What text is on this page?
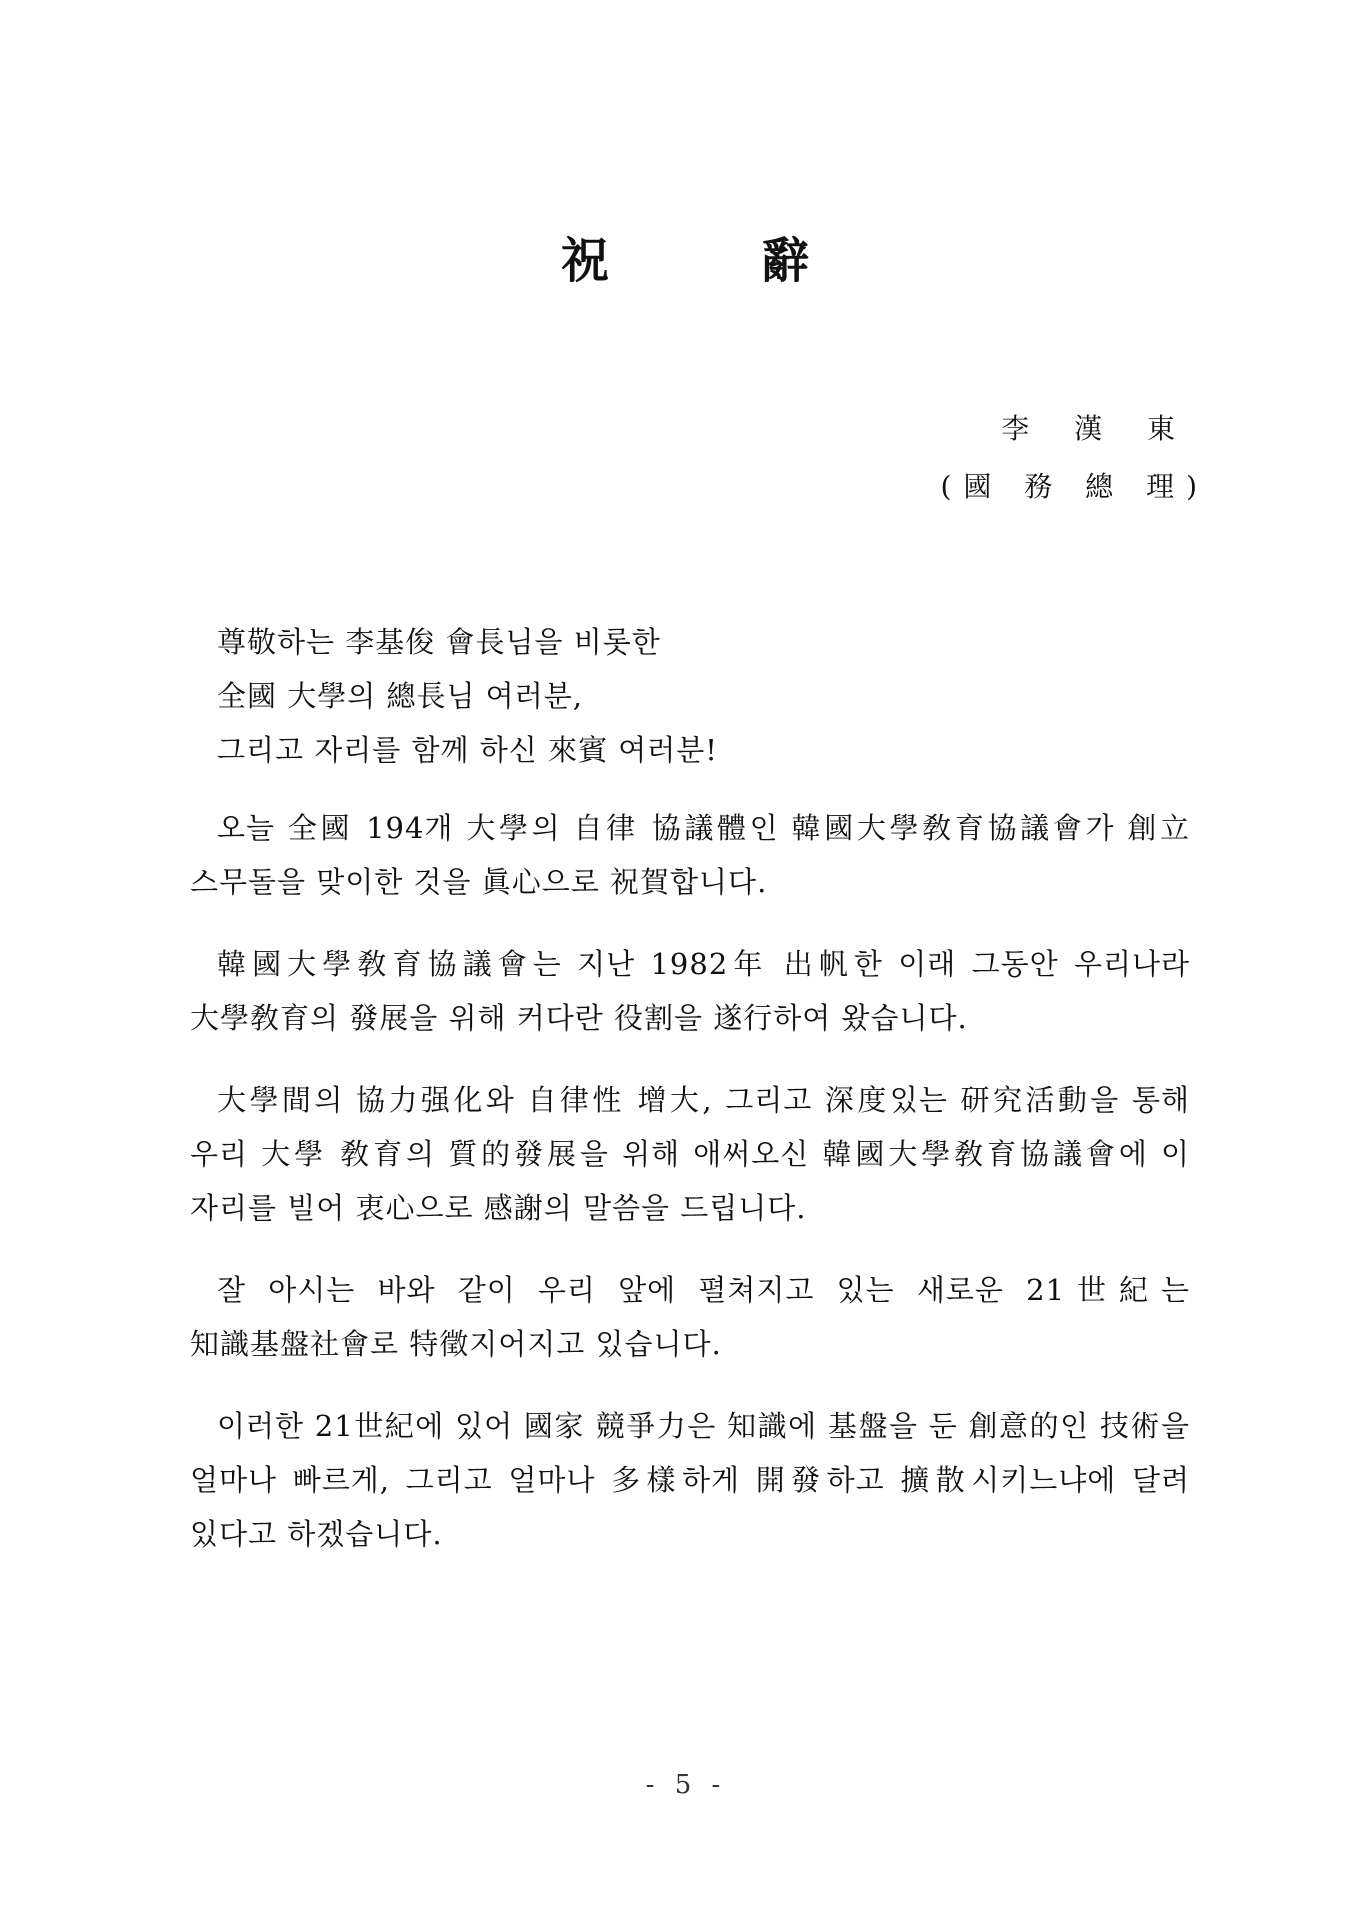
祝	辭
李 漢 東
(國 務 總 理)
尊敬하는 李基俊 會長님을 비롯한
全國 大學의 總長님 여러분,
그리고 자리를 함께 하신 來賓 여러분!

오늘 全國 194개 大學의 自律 協議體인 韓國大學敎育協議會가 創立 스무돌을 맞이한 것을 眞心으로 祝賀합니다.

韓國大學敎育協議會는 지난 1982年 出帆한 이래 그동안 우리나라 大學敎育의 發展을 위해 커다란 役割을 遂行하여 왔습니다.

大學間의 協力强化와 自律性 增大, 그리고 深度있는 研究活動을 통해 우리 大學 敎育의 質的發展을 위해 애써오신 韓國大學敎育協議會에 이 자리를 빌어 衷心으로 感謝의 말씀을 드립니다.

잘 아시는 바와 같이 우리 앞에 펼쳐지고 있는 새로운 21世紀는 知識基盤社會로 特徵지어지고 있습니다.

이러한 21世紀에 있어 國家 競爭力은 知識에 基盤을 둔 創意的인 技術을 얼마나 빠르게, 그리고 얼마나 多樣하게 開發하고 擴散시키느냐에 달려 있다고 하겠습니다.

- 5 -
